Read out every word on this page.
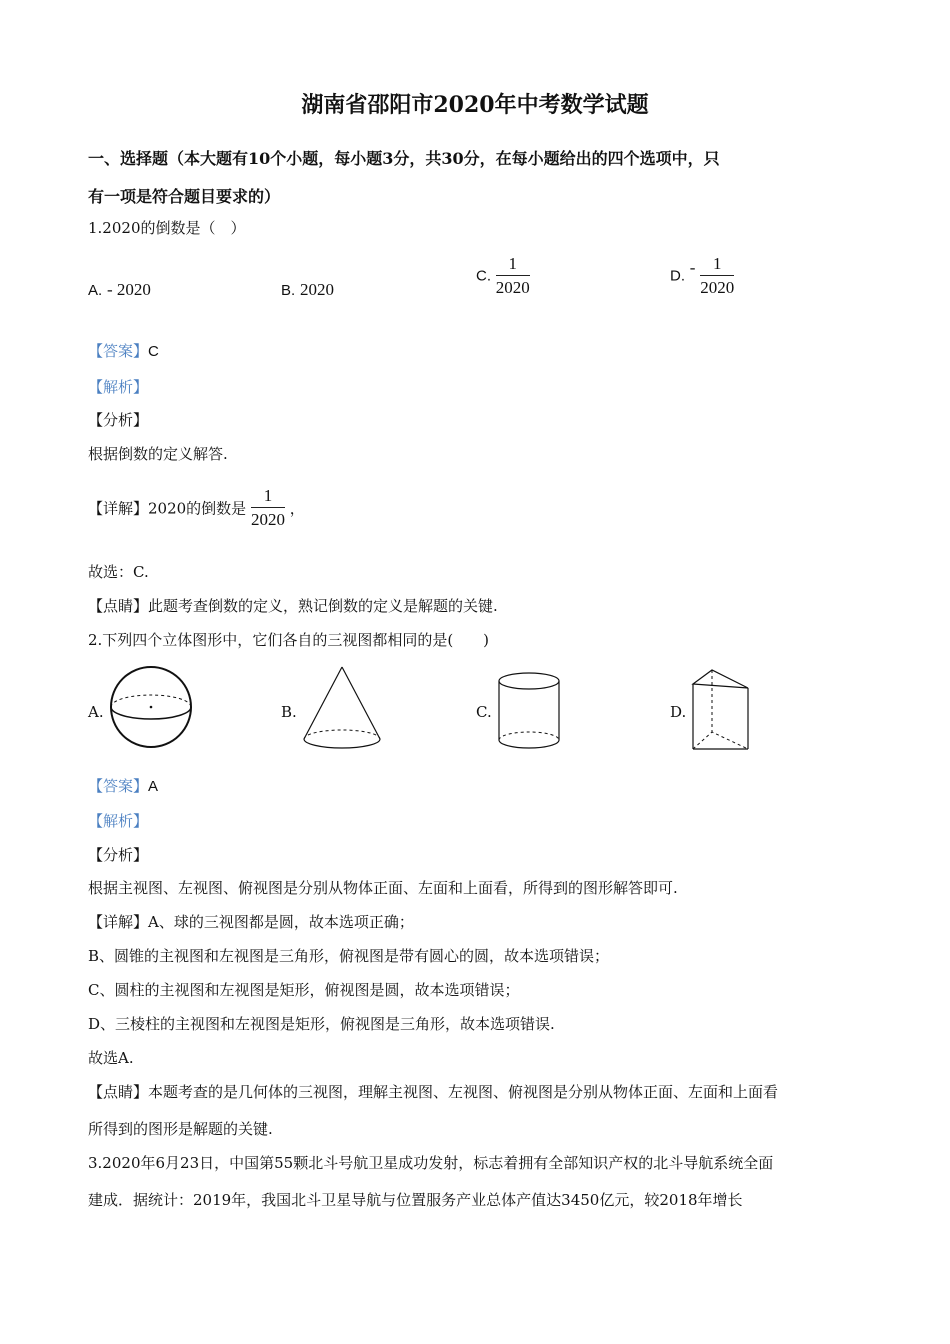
湖南省邵阳市2020年中考数学试题
一、选择题（本大题有10个小题，每小题3分，共30分，在每小题给出的四个选项中，只
有一项是符合题目要求的）
1.2020的倒数是（　）
A. - 2020	B. 2020
C. $\frac{1}{2020}$	D. - $\frac{1}{2020}$
【答案】C
【解析】
【分析】
根据倒数的定义解答.
【详解】2020的倒数是 $\frac{1}{2020}$ ，
故选：C.
【点睛】此题考查倒数的定义，熟记倒数的定义是解题的关键.
2.下列四个立体图形中，它们各自的三视图都相同的是(　　)
A.	B.	C.	D.
【答案】A
【解析】
【分析】
根据主视图、左视图、俯视图是分别从物体正面、左面和上面看，所得到的图形解答即可.
【详解】A、球的三视图都是圆，故本选项正确；
B、圆锥的主视图和左视图是三角形，俯视图是带有圆心的圆，故本选项错误；
C、圆柱的主视图和左视图是矩形，俯视图是圆，故本选项错误；
D、三棱柱的主视图和左视图是矩形，俯视图是三角形，故本选项错误.
故选A.
【点睛】本题考查的是几何体的三视图，理解主视图、左视图、俯视图是分别从物体正面、左面和上面看
所得到的图形是解题的关键.
3.2020年6月23日，中国第55颗北斗号航卫星成功发射，标志着拥有全部知识产权的北斗导航系统全面
建成．据统计：2019年，我国北斗卫星导航与位置服务产业总体产值达3450亿元，较2018年增长
